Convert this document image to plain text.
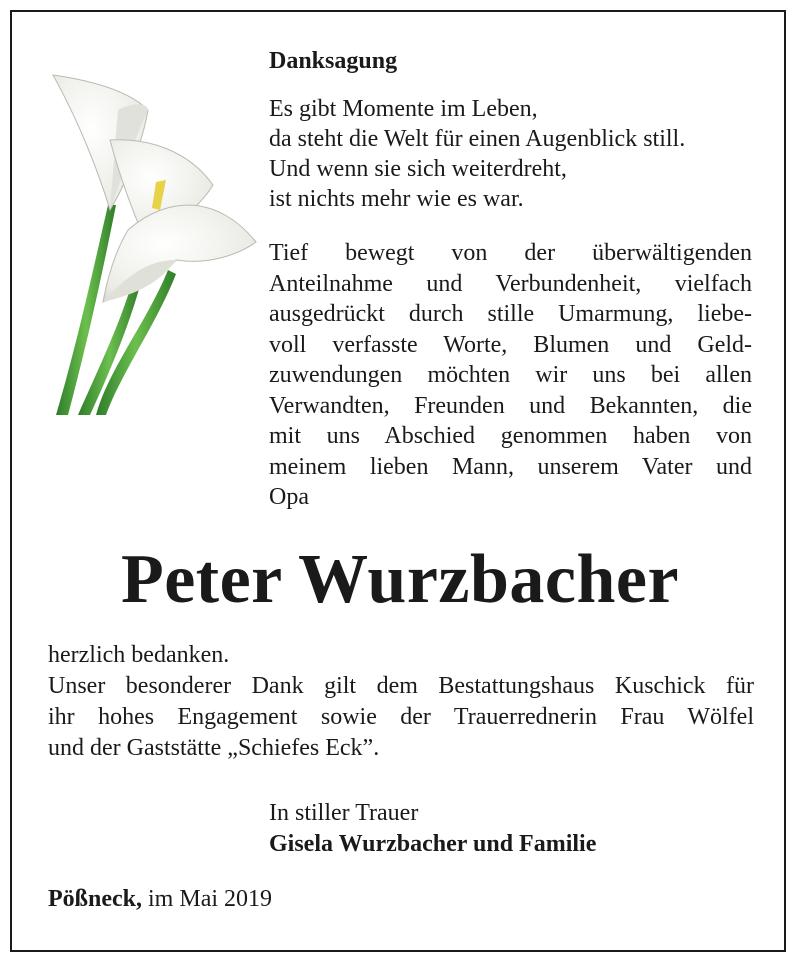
Danksagung
Es gibt Momente im Leben,
da steht die Welt für einen Augenblick still.
Und wenn sie sich weiterdreht,
ist nichts mehr wie es war.
Tief bewegt von der überwältigenden
Anteilnahme und Verbundenheit, vielfach
ausgedrückt durch stille Umarmung, liebe-
voll verfasste Worte, Blumen und Geld-
zuwendungen möchten wir uns bei allen
Verwandten, Freunden und Bekannten, die
mit uns Abschied genommen haben von
meinem lieben Mann, unserem Vater und
Opa
Peter Wurzbacher
herzlich bedanken.
Unser besonderer Dank gilt dem Bestattungshaus Kuschick für
ihr hohes Engagement sowie der Trauerrednerin Frau Wölfel
und der Gaststätte „Schiefes Eck”.
In stiller Trauer
Gisela Wurzbacher und Familie
Pößneck, im Mai 2019
